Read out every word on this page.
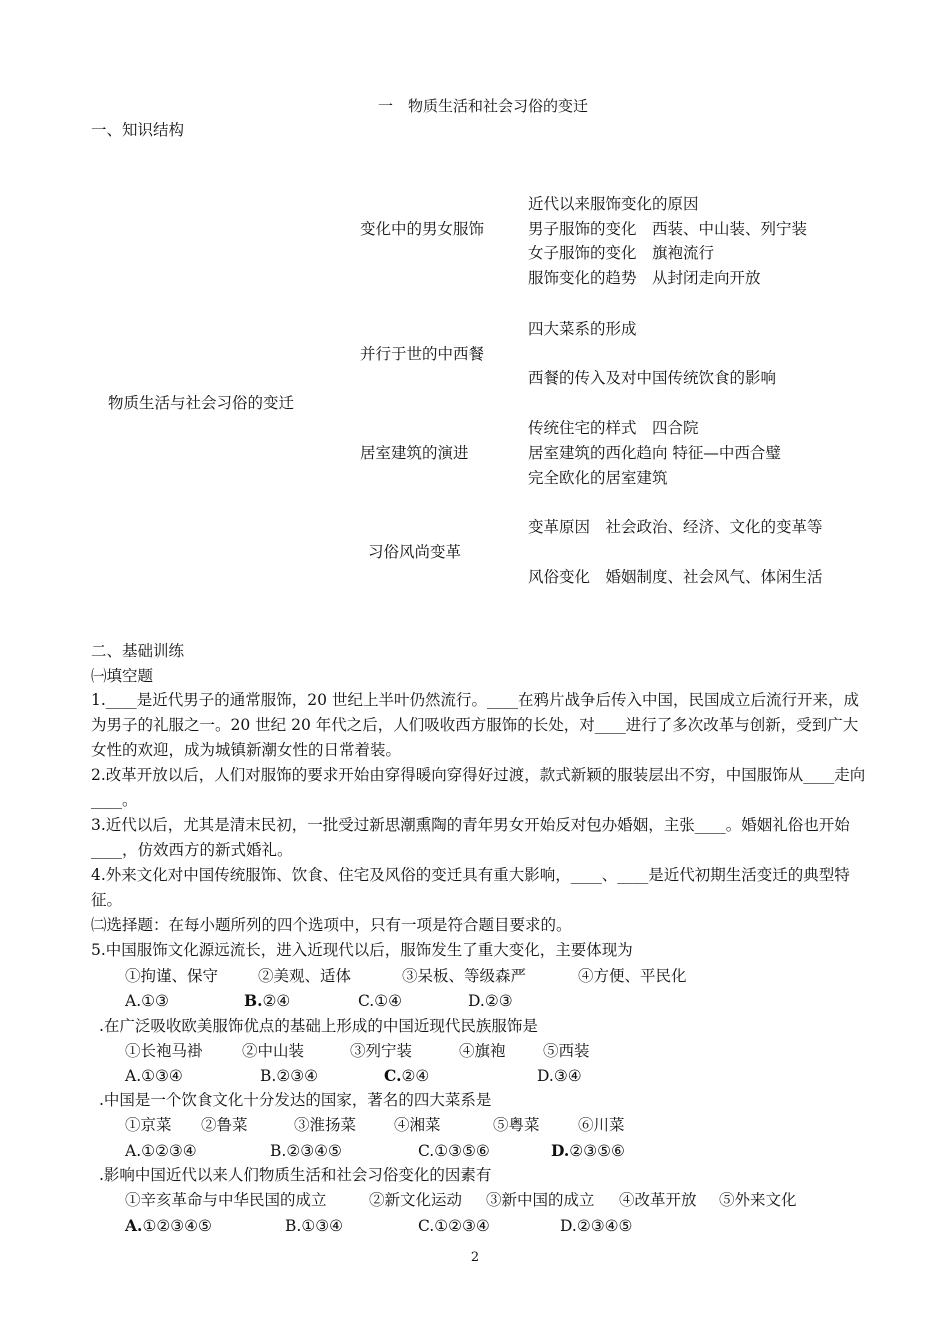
一　物质生活和社会习俗的变迁
一、知识结构
物质生活与社会习俗的变迁
变化中的男女服饰
近代以来服饰变化的原因
男子服饰的变化　西装、中山装、列宁装
女子服饰的变化　旗袍流行
服饰变化的趋势　从封闭走向开放
并行于世的中西餐
四大菜系的形成
西餐的传入及对中国传统饮食的影响
居室建筑的演进
传统住宅的样式　四合院
居室建筑的西化趋向 特征—中西合璧
完全欧化的居室建筑
习俗风尚变革
变革原因　社会政治、经济、文化的变革等
风俗变化　婚姻制度、社会风气、体闲生活
二、基础训练
㈠填空题
1.____是近代男子的通常服饰，20 世纪上半叶仍然流行。____在鸦片战争后传入中国，民国成立后流行开来，成为男子的礼服之一。20 世纪 20 年代之后，人们吸收西方服饰的长处，对____进行了多次改革与创新，受到广大女性的欢迎，成为城镇新潮女性的日常着装。
2.改革开放以后，人们对服饰的要求开始由穿得暖向穿得好过渡，款式新颖的服装层出不穷，中国服饰从____走向____。
3.近代以后，尤其是清末民初，一批受过新思潮熏陶的青年男女开始反对包办婚姻，主张____。婚姻礼俗也开始____，仿效西方的新式婚礼。
4.外来文化对中国传统服饰、饮食、住宅及风俗的变迁具有重大影响，____、____是近代初期生活变迁的典型特征。
㈡选择题：在每小题所列的四个选项中，只有一项是符合题目要求的。
5.中国服饰文化源远流长，进入近现代以后，服饰发生了重大变化，主要体现为
①拘谨、保守	②美观、适体	③呆板、等级森严	④方便、平民化
A.①③	B.②④	C.①④	D.②③
.在广泛吸收欧美服饰优点的基础上形成的中国近现代民族服饰是
①长袍马褂	②中山装	③列宁装	④旗袍 ⑤西装
A.①③④	B.②③④	C.②④	D.③④
.中国是一个饮食文化十分发达的国家，著名的四大菜系是
①京菜 ②鲁菜	③淮扬菜 ④湘菜	⑤粤菜 ⑥川菜
A.①②③④	B.②③④⑤	C.①③⑤⑥	D.②③⑤⑥
.影响中国近代以来人们物质生活和社会习俗变化的因素有
①辛亥革命与中华民国的成立	②新文化运动 ③新中国的成立 ④改革开放 ⑤外来文化
A.①②③④⑤	B.①③④	C.①②③④	D.②③④⑤
2
